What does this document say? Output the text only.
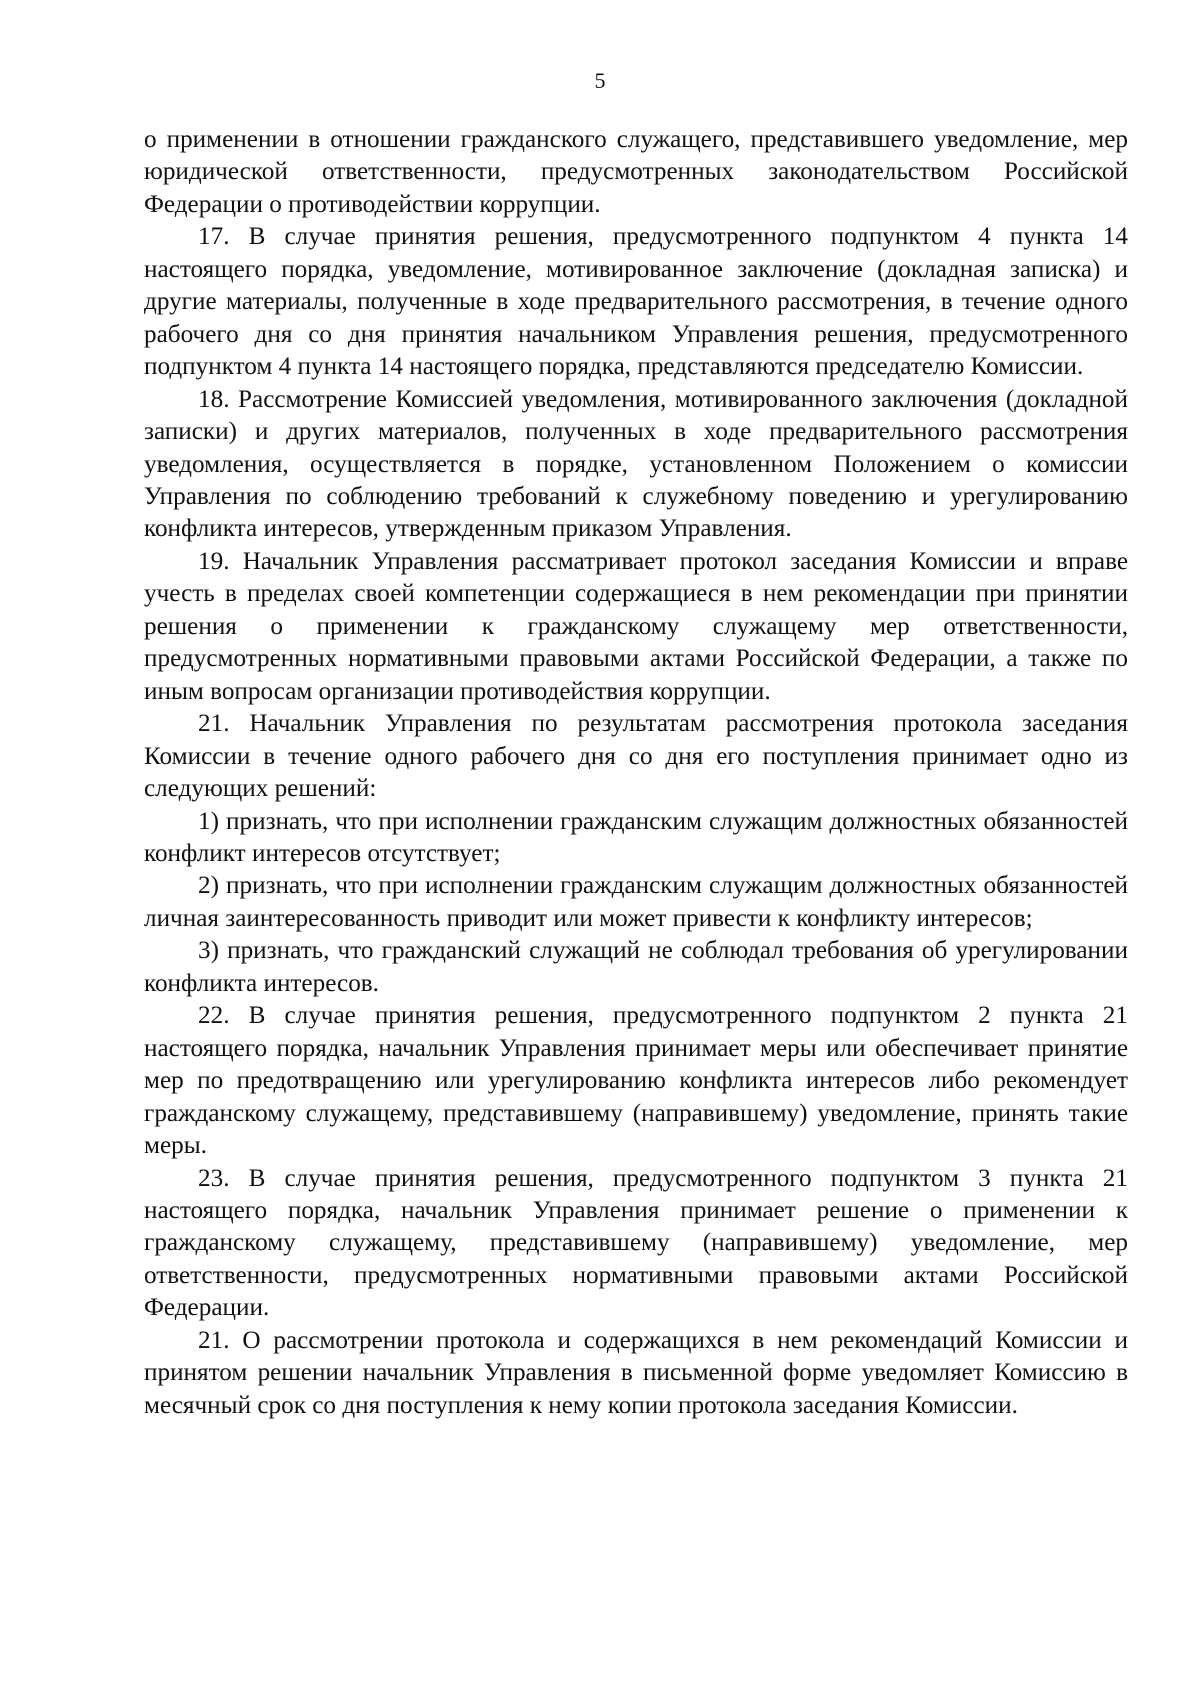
5

о применении в отношении гражданского служащего, представившего уведомление, мер юридической ответственности, предусмотренных законодательством Российской Федерации о противодействии коррупции.

17. В случае принятия решения, предусмотренного подпунктом 4 пункта 14 настоящего порядка, уведомление, мотивированное заключение (докладная записка) и другие материалы, полученные в ходе предварительного рассмотрения, в течение одного рабочего дня со дня принятия начальником Управления решения, предусмотренного подпунктом 4 пункта 14 настоящего порядка, представляются председателю Комиссии.

18. Рассмотрение Комиссией уведомления, мотивированного заключения (докладной записки) и других материалов, полученных в ходе предварительного рассмотрения уведомления, осуществляется в порядке, установленном Положением о комиссии Управления по соблюдению требований к служебному поведению и урегулированию конфликта интересов, утвержденным приказом Управления.

19. Начальник Управления рассматривает протокол заседания Комиссии и вправе учесть в пределах своей компетенции содержащиеся в нем рекомендации при принятии решения о применении к гражданскому служащему мер ответственности, предусмотренных нормативными правовыми актами Российской Федерации, а также по иным вопросам организации противодействия коррупции.

21. Начальник Управления по результатам рассмотрения протокола заседания Комиссии в течение одного рабочего дня со дня его поступления принимает одно из следующих решений:

1) признать, что при исполнении гражданским служащим должностных обязанностей конфликт интересов отсутствует;

2) признать, что при исполнении гражданским служащим должностных обязанностей личная заинтересованность приводит или может привести к конфликту интересов;

3) признать, что гражданский служащий не соблюдал требования об урегулировании конфликта интересов.

22. В случае принятия решения, предусмотренного подпунктом 2 пункта 21 настоящего порядка, начальник Управления принимает меры или обеспечивает принятие мер по предотвращению или урегулированию конфликта интересов либо рекомендует гражданскому служащему, представившему (направившему) уведомление, принять такие меры.

23. В случае принятия решения, предусмотренного подпунктом 3 пункта 21 настоящего порядка, начальник Управления принимает решение о применении к гражданскому служащему, представившему (направившему) уведомление, мер ответственности, предусмотренных нормативными правовыми актами Российской Федерации.

21. О рассмотрении протокола и содержащихся в нем рекомендаций Комиссии и принятом решении начальник Управления в письменной форме уведомляет Комиссию в месячный срок со дня поступления к нему копии протокола заседания Комиссии.
